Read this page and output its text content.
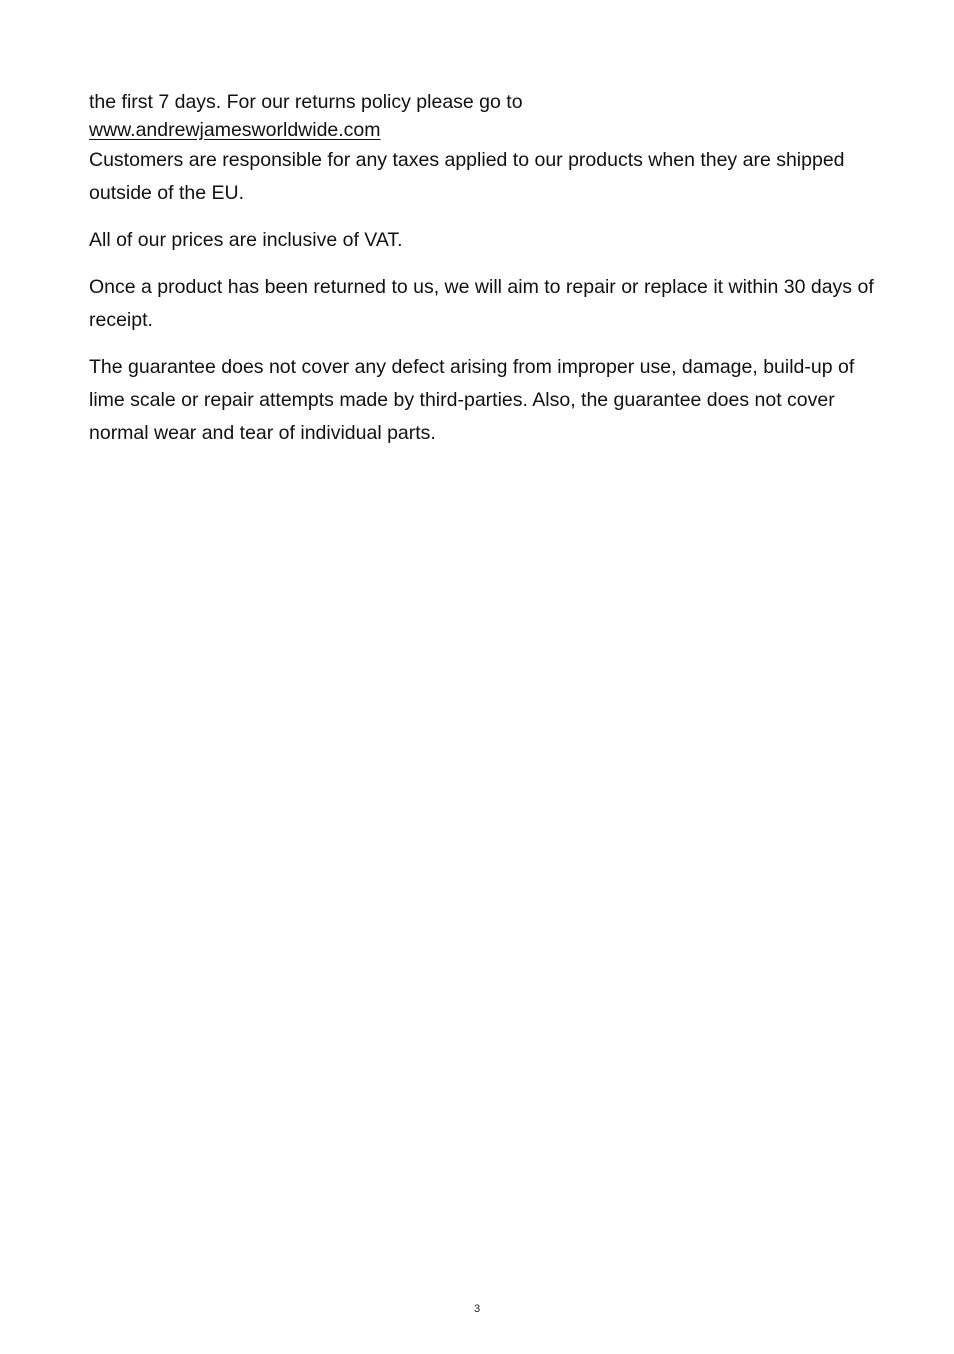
the first 7 days. For our returns policy please go to

www.andrewjamesworldwide.com

Customers are responsible for any taxes applied to our products when they are shipped outside of the EU.

All of our prices are inclusive of VAT.

Once a product has been returned to us, we will aim to repair or replace it within 30 days of receipt.

The guarantee does not cover any defect arising from improper use, damage, build-up of lime scale or repair attempts made by third-parties. Also, the guarantee does not cover normal wear and tear of individual parts.

3
